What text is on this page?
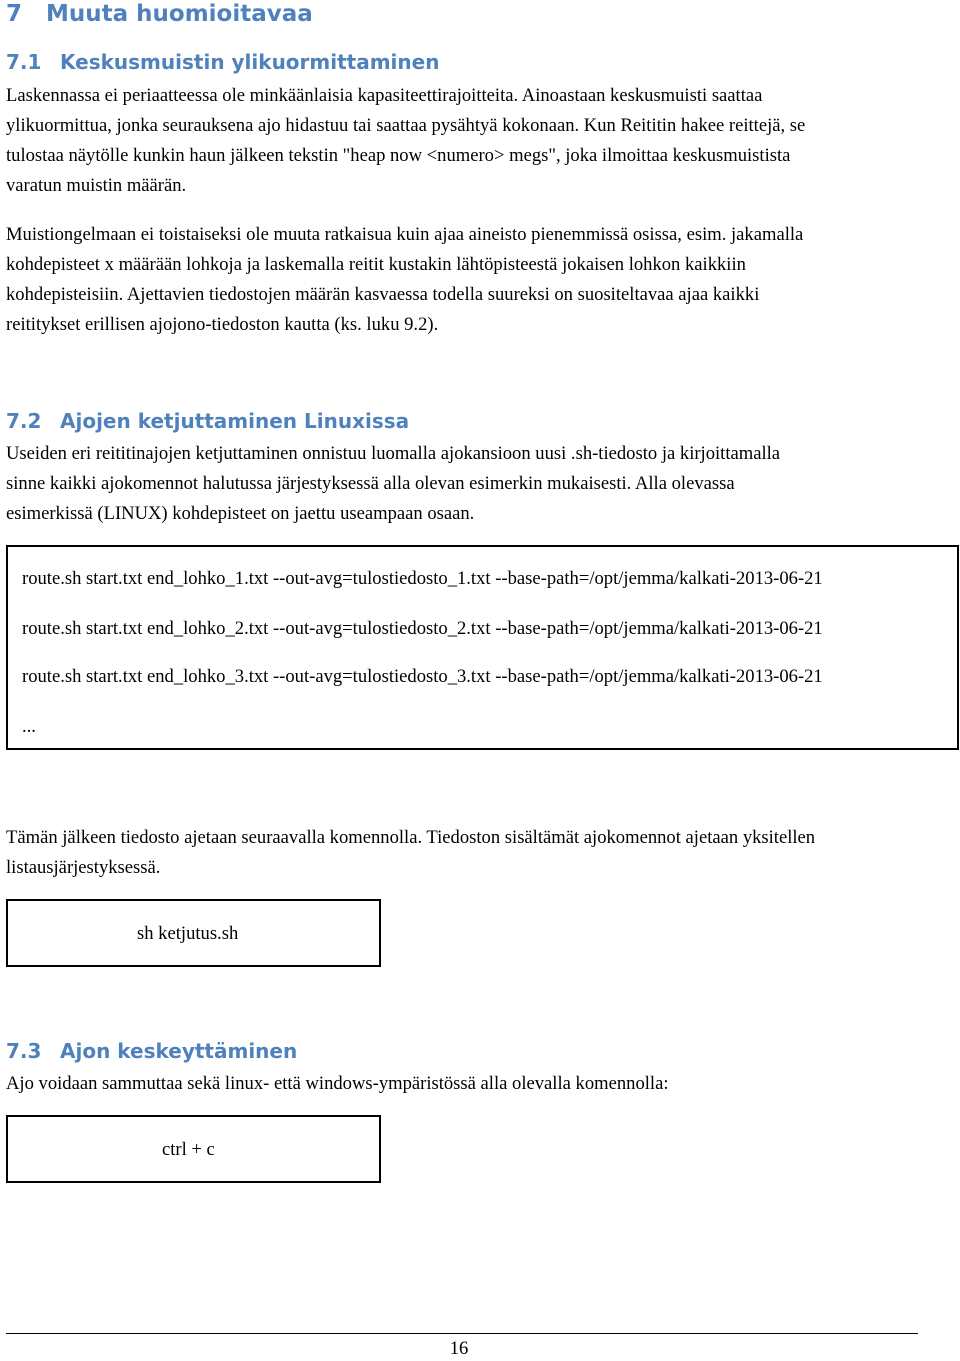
7 Muuta huomioitavaa
7.1 Keskusmuistin ylikuormittaminen
Laskennassa ei periaatteessa ole minkäänlaisia kapasiteettirajoitteita. Ainoastaan keskusmuisti saattaa
ylikuormittua, jonka seurauksena ajo hidastuu tai saattaa pysähtyä kokonaan. Kun Reititin hakee reittejä, se
tulostaa näytölle kunkin haun jälkeen tekstin "heap now <numero> megs", joka ilmoittaa keskusmuistista
varatun muistin määrän.
Muistiongelmaan ei toistaiseksi ole muuta ratkaisua kuin ajaa aineisto pienemmissä osissa, esim. jakamalla
kohdepisteet x määrään lohkoja ja laskemalla reitit kustakin lähtöpisteestä jokaisen lohkon kaikkiin
kohdepisteisiin. Ajettavien tiedostojen määrän kasvaessa todella suureksi on suositeltavaa ajaa kaikki
reititykset erillisen ajojono-tiedoston kautta (ks. luku 9.2).
7.2 Ajojen ketjuttaminen Linuxissa
Useiden eri reititinajojen ketjuttaminen onnistuu luomalla ajokansioon uusi .sh-tiedosto ja kirjoittamalla
sinne kaikki ajokomennot halutussa järjestyksessä alla olevan esimerkin mukaisesti. Alla olevassa
esimerkissä (LINUX) kohdepisteet on jaettu useampaan osaan.
route.sh start.txt end_lohko_1.txt --out-avg=tulostiedosto_1.txt --base-path=/opt/jemma/kalkati-2013-06-21
route.sh start.txt end_lohko_2.txt --out-avg=tulostiedosto_2.txt --base-path=/opt/jemma/kalkati-2013-06-21
route.sh start.txt end_lohko_3.txt --out-avg=tulostiedosto_3.txt --base-path=/opt/jemma/kalkati-2013-06-21
...
Tämän jälkeen tiedosto ajetaan seuraavalla komennolla. Tiedoston sisältämät ajokomennot ajetaan yksitellen
listausjärjestyksessä.
sh ketjutus.sh
7.3 Ajon keskeyttäminen
Ajo voidaan sammuttaa sekä linux- että windows-ympäristössä alla olevalla komennolla:
ctrl + c
16
